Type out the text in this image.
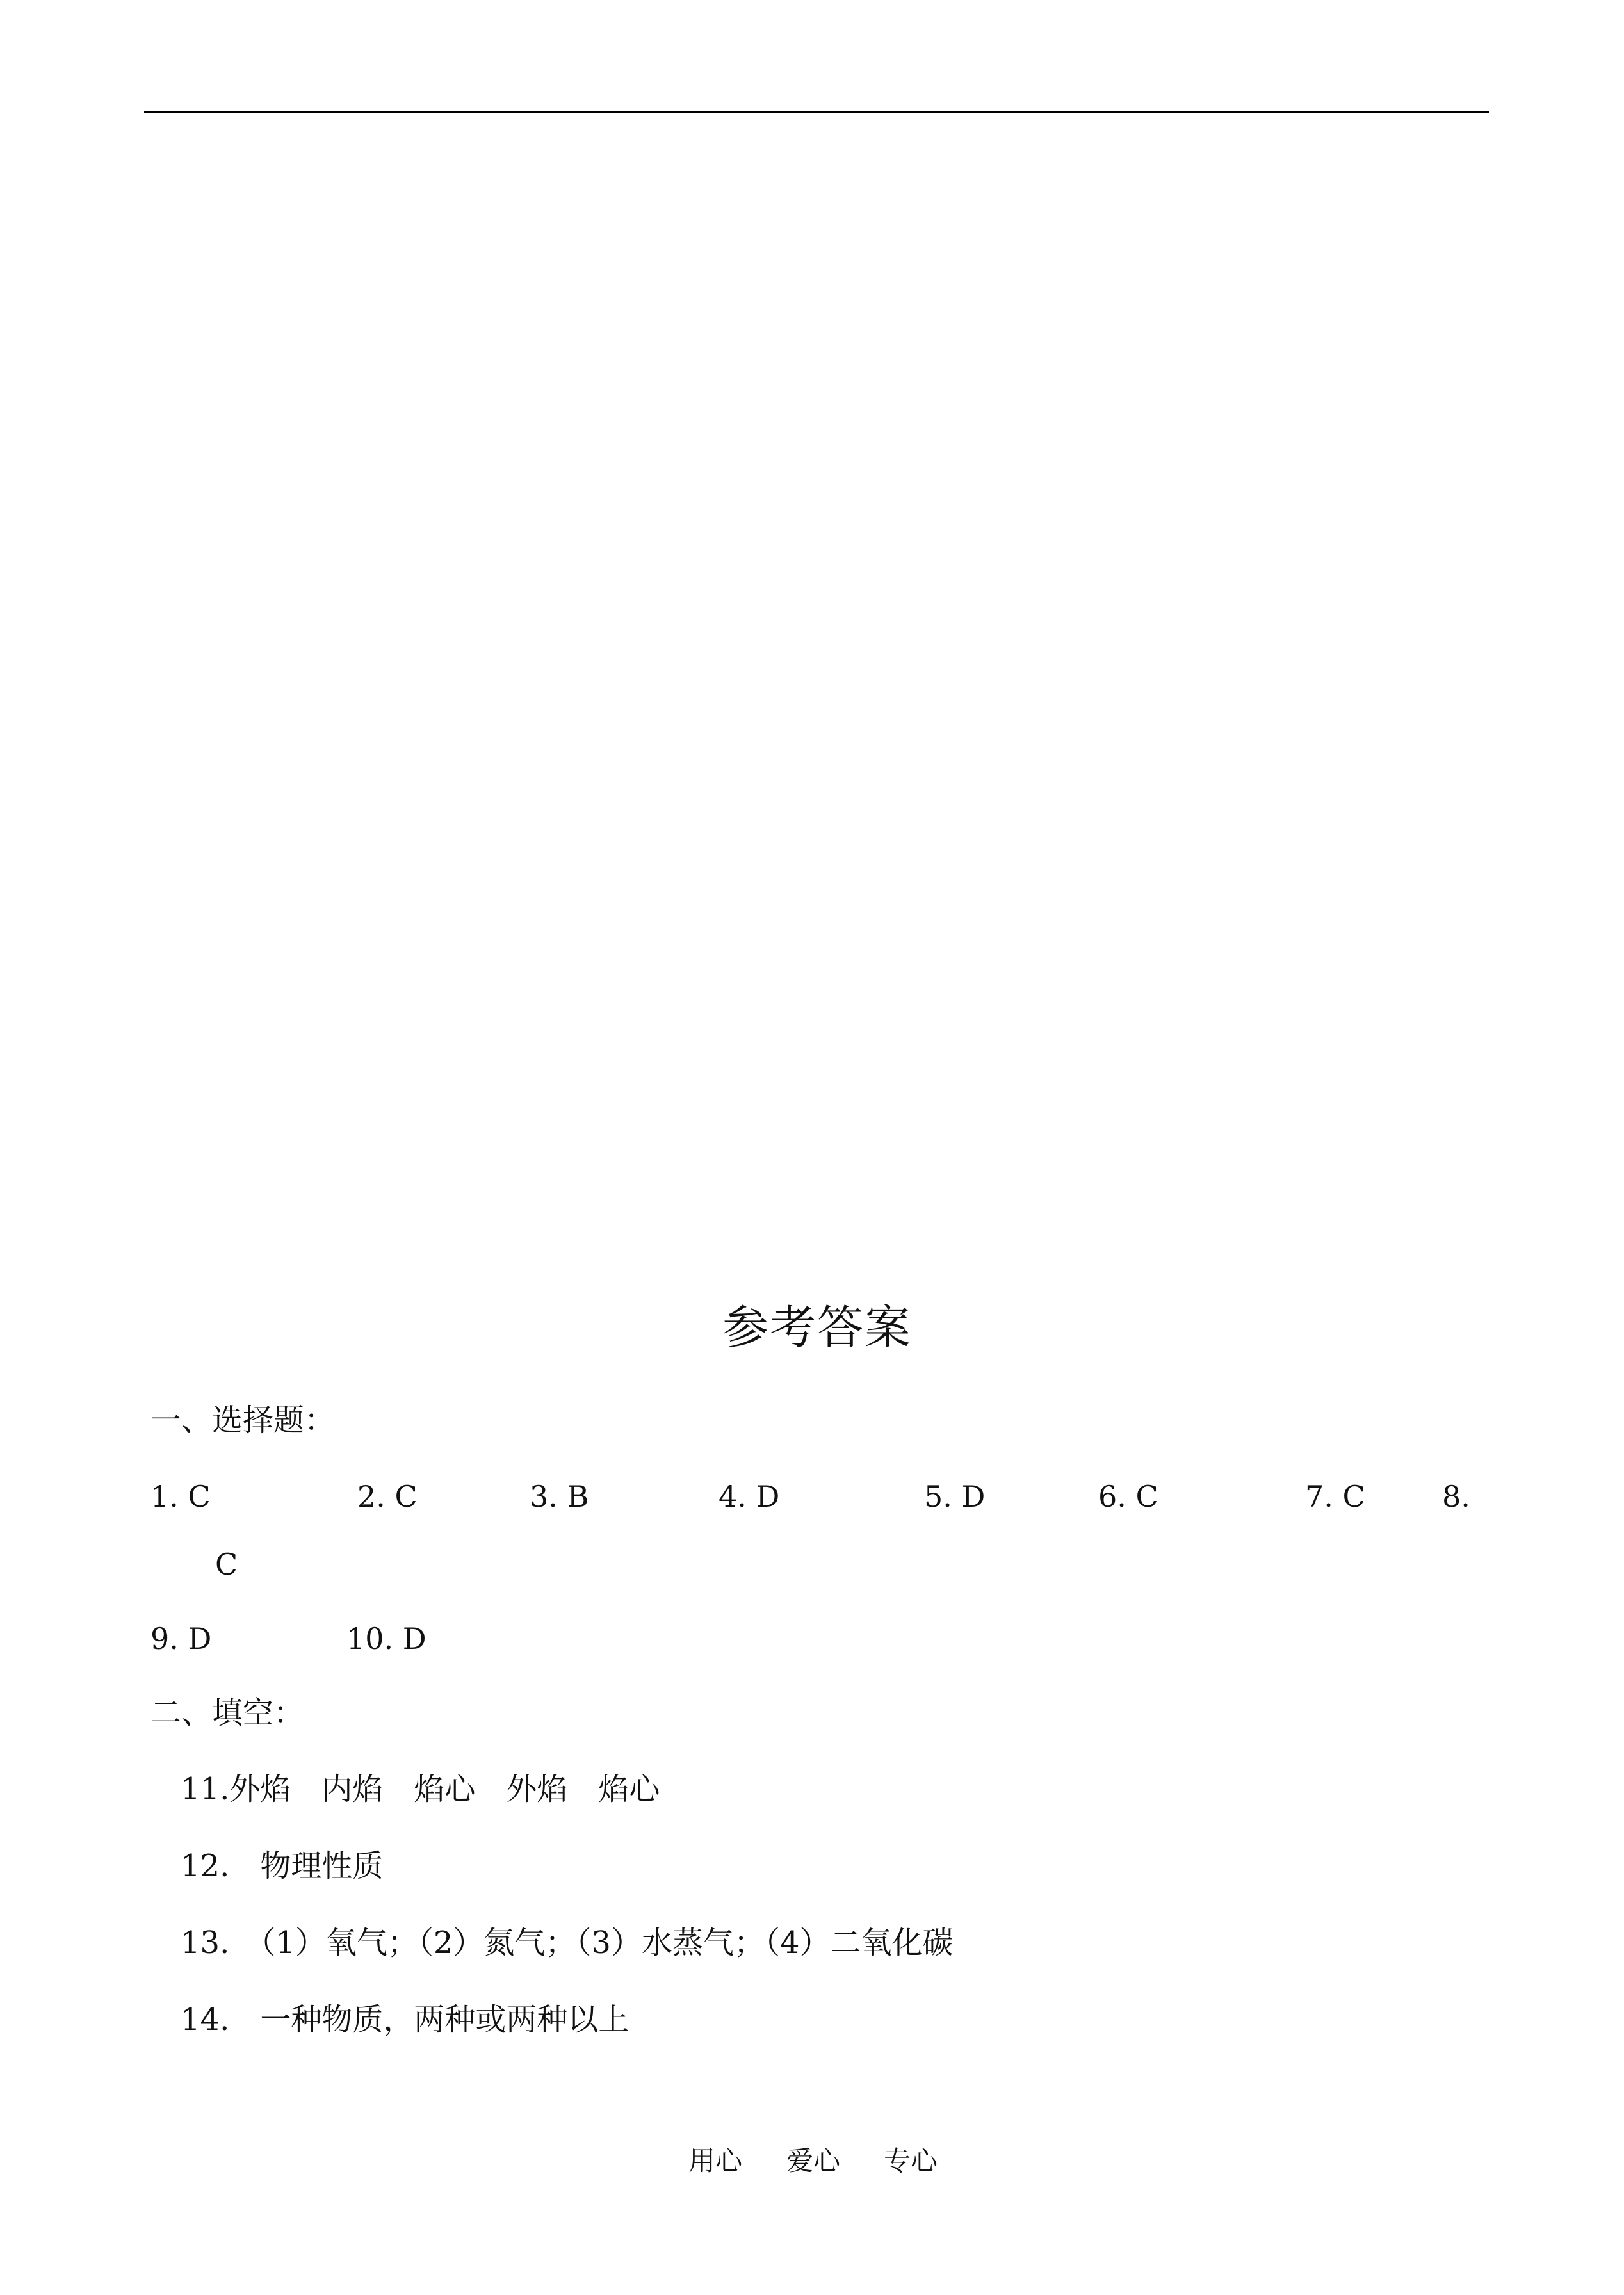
参考答案
一、选择题：
1. C	2. C	3. B	4. D	5. D	6. C	7. C	8.
C
9. D	10. D
二、填空：
11.外焰　内焰　焰心　外焰　焰心
12.　物理性质
13.　（1）氧气；（2）氮气；（3）水蒸气；（4）二氧化碳
14.　一种物质，两种或两种以上
用心 爱心 专心
